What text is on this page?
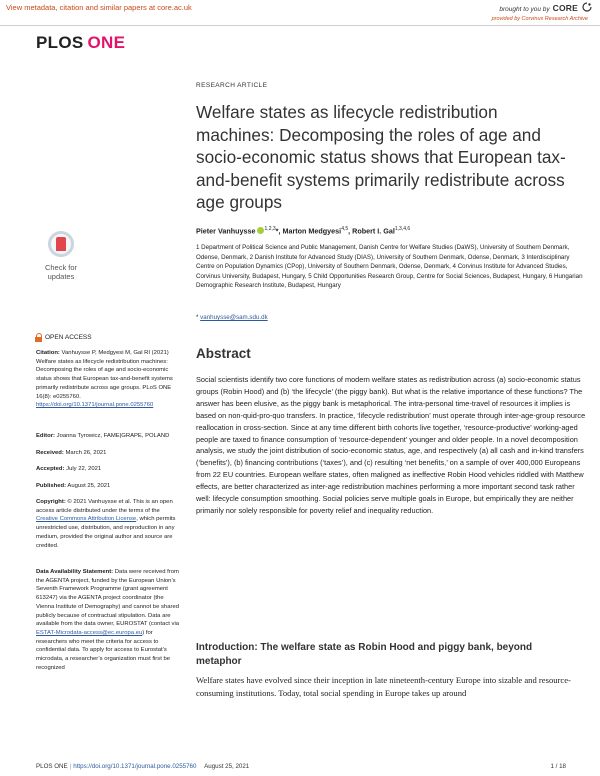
View metadata, citation and similar papers at core.ac.uk	brought to you by CORE
provided by Corvinus Research Archive
PLOS ONE
RESEARCH ARTICLE
Welfare states as lifecycle redistribution machines: Decomposing the roles of age and socio-economic status shows that European tax-and-benefit systems primarily redistribute across age groups
Pieter Vanhuysse $^{1,2,3}$*, Marton Medgyesi$^{4,5}$, Robert I. Gal$^{1,3,4,6}$
1 Department of Political Science and Public Management, Danish Centre for Welfare Studies (DaWS), University of Southern Denmark, Odense, Denmark, 2 Danish Institute for Advanced Study (DIAS), University of Southern Denmark, Odense, Denmark, 3 Interdisciplinary Centre on Population Dynamics (CPop), University of Southern Denmark, Odense, Denmark, 4 Corvinus Institute for Advanced Studies, Corvinus University, Budapest, Hungary, 5 Child Opportunities Research Group, Centre for Social Sciences, Budapest, Hungary, 6 Hungarian Demographic Research Institute, Budapest, Hungary
* vanhuysse@sam.sdu.dk
Abstract

Social scientists identify two core functions of modern welfare states as redistribution across (a) socio-economic status groups (Robin Hood) and (b) ‘the lifecycle’ (the piggy bank). But what is the relative importance of these functions? The answer has been elusive, as the piggy bank is metaphorical. The intra-personal time-travel of resources it implies is based on non-quid-pro-quo transfers. In practice, ‘lifecycle redistribution’ must operate through inter-age-group resource reallocation in cross-section. Since at any time different birth cohorts live together, ‘resource-productive’ working-aged people are taxed to finance consumption of ‘resource-dependent’ younger and older people. In a novel decomposition analysis, we study the joint distribution of socio-economic status, age, and respectively (a) all cash and in-kind transfers (‘benefits’), (b) financing contributions (‘taxes’), and (c) resulting ‘net benefits,’ on a sample of over 400,000 Europeans from 22 EU countries. European welfare states, often maligned as ineffective Robin Hood vehicles riddled with Matthew effects, are better characterized as inter-age redistribution machines performing a more important second task rather well: lifecycle consumption smoothing. Social policies serve multiple goals in Europe, but empirically they are neither primarily nor solely responsible for poverty relief and inequality reduction.

Introduction: The welfare state as Robin Hood and piggy bank, beyond metaphor

Welfare states have evolved since their inception in late nineteenth-century Europe into sizable and resource-consuming institutions. Today, total social spending in Europe takes up around

Check for updates
OPEN ACCESS
Citation: Vanhuysse P, Medgyesi M, Gal RI (2021) Welfare states as lifecycle redistribution machines: Decomposing the roles of age and socio-economic status shows that European tax-and-benefit systems primarily redistribute across age groups. PLoS ONE 16(8): e0255760. https://doi.org/10.1371/journal.pone.0255760
Editor: Joanna Tyrowicz, FAME|GRAPE, POLAND
Received: March 26, 2021
Accepted: July 22, 2021
Published: August 25, 2021
Copyright: © 2021 Vanhuysse et al. This is an open access article distributed under the terms of the Creative Commons Attribution License, which permits unrestricted use, distribution, and reproduction in any medium, provided the original author and source are credited.
Data Availability Statement: Data were received from the AGENTA project, funded by the European Union’s Seventh Framework Programme (grant agreement 613247) via the AGENTA project coordinator (the Vienna Institute of Demography) and cannot be shared publicly because of contractual stipulation. Data are available from the data owner, EUROSTAT (contact via ESTAT-Microdata-access@ec.europa.eu) for researchers who meet the criteria for access to confidential data. To apply for access to Eurostat’s microdata, a researcher’s organization must first be recognized
PLOS ONE | https://doi.org/10.1371/journal.pone.0255760 August 25, 2021	1 / 18
